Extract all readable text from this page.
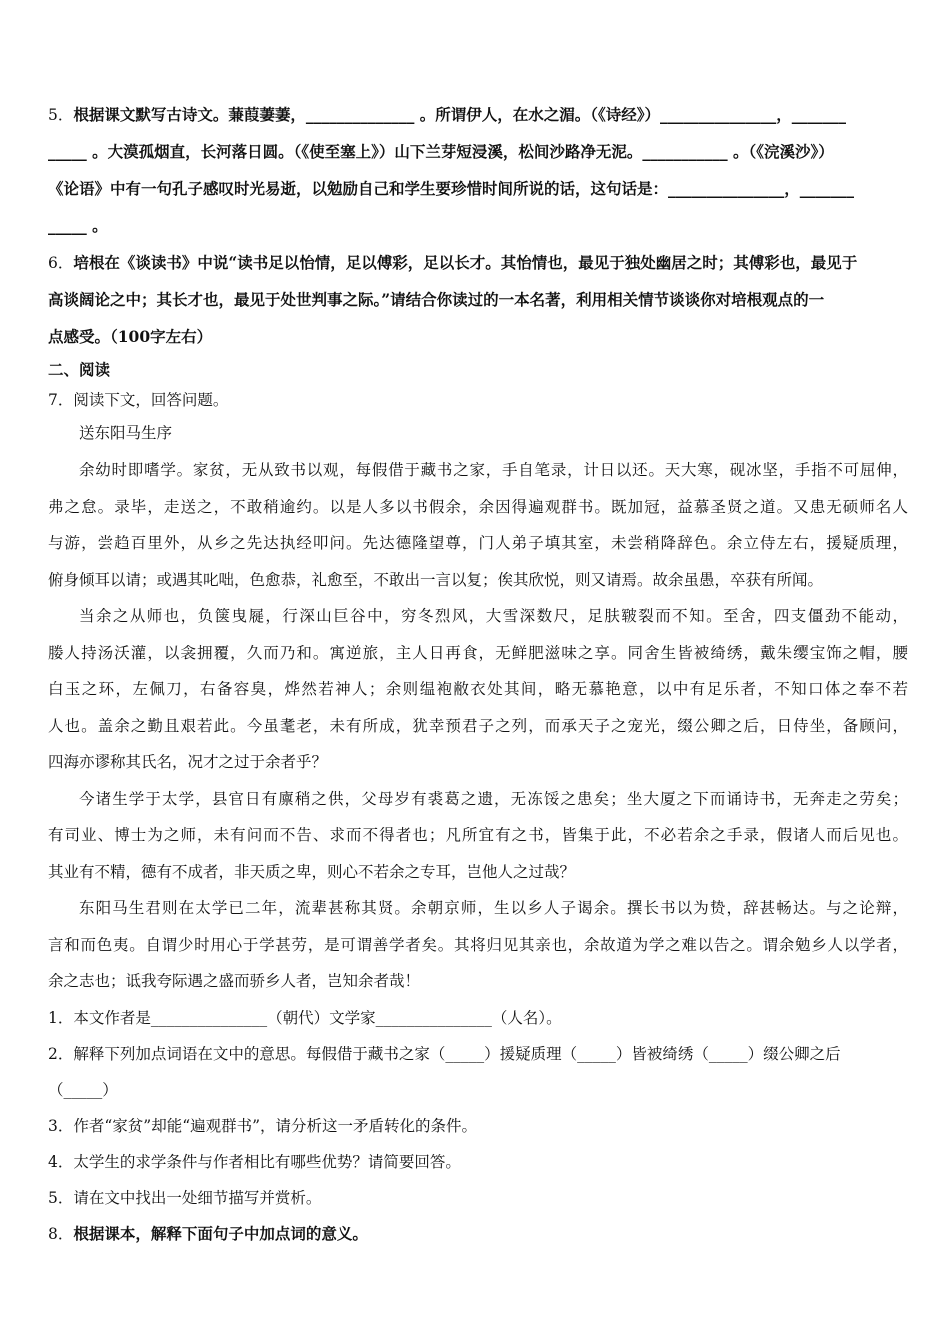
5．根据课文默写古诗文。蒹葭萋萋，______________ 。所谓伊人，在水之湄。（《诗经》）_______________，_______
_____ 。大漠孤烟直，长河落日圆。（《使至塞上》）山下兰芽短浸溪，松间沙路净无泥。___________ 。（《浣溪沙》）
《论语》中有一句孔子感叹时光易逝，以勉励自己和学生要珍惜时间所说的话，这句话是：_______________，_______
_____ 。
6．培根在《谈读书》中说“读书足以怡情，足以傅彩，足以长才。其怡情也，最见于独处幽居之时；其傅彩也，最见于
高谈阔论之中；其长才也，最见于处世判事之际。”请结合你读过的一本名著，利用相关情节谈谈你对培根观点的一
点感受。（100字左右）
二、阅读
7．阅读下文，回答问题。
送东阳马生序
余幼时即嗜学。家贫，无从致书以观，每假借于藏书之家，手自笔录，计日以还。天大寒，砚冰坚，手指不可屈伸，
弗之怠。录毕，走送之，不敢稍逾约。以是人多以书假余，余因得遍观群书。既加冠，益慕圣贤之道。又患无硕师名人
与游，尝趋百里外，从乡之先达执经叩问。先达德隆望尊，门人弟子填其室，未尝稍降辞色。余立侍左右，援疑质理，
俯身倾耳以请；或遇其叱咄，色愈恭，礼愈至，不敢出一言以复；俟其欣悦，则又请焉。故余虽愚，卒获有所闻。
当余之从师也，负箧曳屣，行深山巨谷中，穷冬烈风，大雪深数尺，足肤皲裂而不知。至舍，四支僵劲不能动，
媵人持汤沃灌，以衾拥覆，久而乃和。寓逆旅，主人日再食，无鲜肥滋味之享。同舍生皆被绮绣，戴朱缨宝饰之帽，腰
白玉之环，左佩刀，右备容臭，烨然若神人；余则缊袍敝衣处其间，略无慕艳意，以中有足乐者，不知口体之奉不若
人也。盖余之勤且艰若此。今虽耄老，未有所成，犹幸预君子之列，而承天子之宠光，缀公卿之后，日侍坐，备顾问，
四海亦谬称其氏名，况才之过于余者乎？
今诸生学于太学，县官日有廪稍之供，父母岁有裘葛之遗，无冻馁之患矣；坐大厦之下而诵诗书，无奔走之劳矣；
有司业、博士为之师，未有问而不告、求而不得者也；凡所宜有之书，皆集于此，不必若余之手录，假诸人而后见也。
其业有不精，德有不成者，非天质之卑，则心不若余之专耳，岂他人之过哉？
东阳马生君则在太学已二年，流辈甚称其贤。余朝京师，生以乡人子谒余。撰长书以为贽，辞甚畅达。与之论辩，
言和而色夷。自谓少时用心于学甚劳，是可谓善学者矣。其将归见其亲也，余故道为学之难以告之。谓余勉乡人以学者，
余之志也；诋我夸际遇之盛而骄乡人者，岂知余者哉！
1．本文作者是_______________（朝代）文学家_______________（人名）。
2．解释下列加点词语在文中的意思。每假借于藏书之家（_____）援疑质理（_____）皆被绮绣（_____）缀公卿之后
（_____）
3．作者“家贫”却能“遍观群书”，请分析这一矛盾转化的条件。
4．太学生的求学条件与作者相比有哪些优势？请简要回答。
5．请在文中找出一处细节描写并赏析。
8．根据课本，解释下面句子中加点词的意义。
